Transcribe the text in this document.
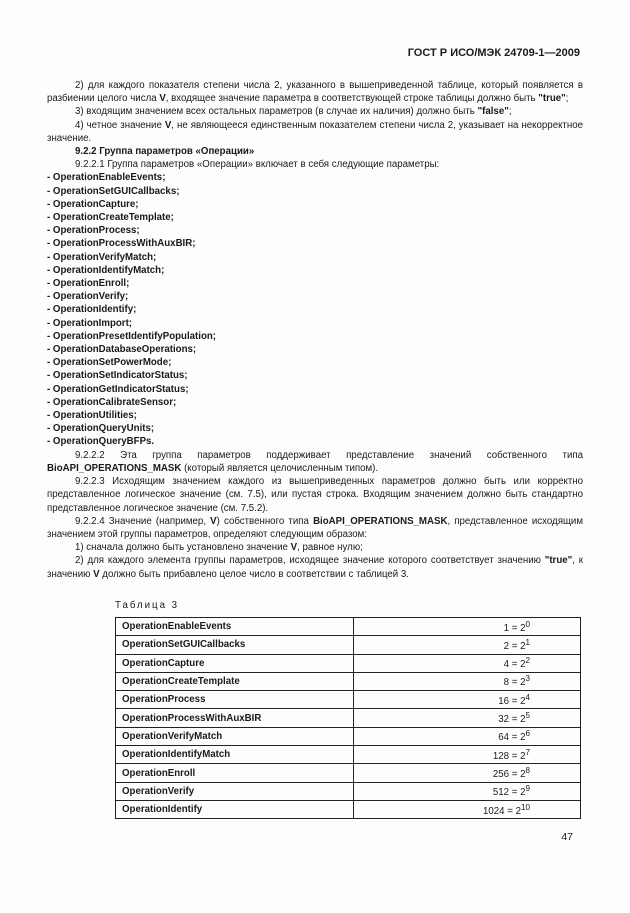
ГОСТ Р ИСО/МЭК 24709-1—2009

2) для каждого показателя степени числа 2, указанного в вышеприведенной таблице, который появляется в разбиении целого числа V, входящее значение параметра в соответствующей строке таблицы должно быть "true";

3) входящим значением всех остальных параметров (в случае их наличия) должно быть "false";

4) четное значение V, не являющееся единственным показателем степени числа 2, указывает на некорректное значение.

9.2.2 Группа параметров «Операции»

9.2.2.1 Группа параметров «Операции» включает в себя следующие параметры:

- OperationEnableEvents;
- OperationSetGUICallbacks;
- OperationCapture;
- OperationCreateTemplate;
- OperationProcess;
- OperationProcessWithAuxBIR;
- OperationVerifyMatch;
- OperationIdentifyMatch;
- OperationEnroll;
- OperationVerify;
- OperationIdentify;
- OperationImport;
- OperationPresetIdentifyPopulation;
- OperationDatabaseOperations;
- OperationSetPowerMode;
- OperationSetIndicatorStatus;
- OperationGetIndicatorStatus;
- OperationCalibrateSensor;
- OperationUtilities;
- OperationQueryUnits;
- OperationQueryBFPs.

9.2.2.2 Эта группа параметров поддерживает представление значений собственного типа BioAPI_OPERATIONS_MASK (который является целочисленным типом).

9.2.2.3 Исходящим значением каждого из вышеприведенных параметров должно быть или корректно представленное логическое значение (см. 7.5), или пустая строка. Входящим значением должно быть стандартно представленное логическое значение (см. 7.5.2).

9.2.2.4 Значение (например, V) собственного типа BioAPI_OPERATIONS_MASK, представленное исходящим значением этой группы параметров, определяют следующим образом:

1) сначала должно быть установлено значение V, равное нулю;

2) для каждого элемента группы параметров, исходящее значение которого соответствует значению "true", к значению V должно быть прибавлено целое число в соответствии с таблицей 3.

Таблица 3
OperationEnableEvents	$1 = 2^0$
OperationSetGUICallbacks	$2 = 2^1$
OperationCapture	$4 = 2^2$
OperationCreateTemplate	$8 = 2^3$
OperationProcess	$16 = 2^4$
OperationProcessWithAuxBIR	$32 = 2^5$
OperationVerifyMatch	$64 = 2^6$
OperationIdentifyMatch	$128 = 2^7$
OperationEnroll	$256 = 2^8$
OperationVerify	$512 = 2^9$
OperationIdentify	$1024 = 2^{10}$
47
